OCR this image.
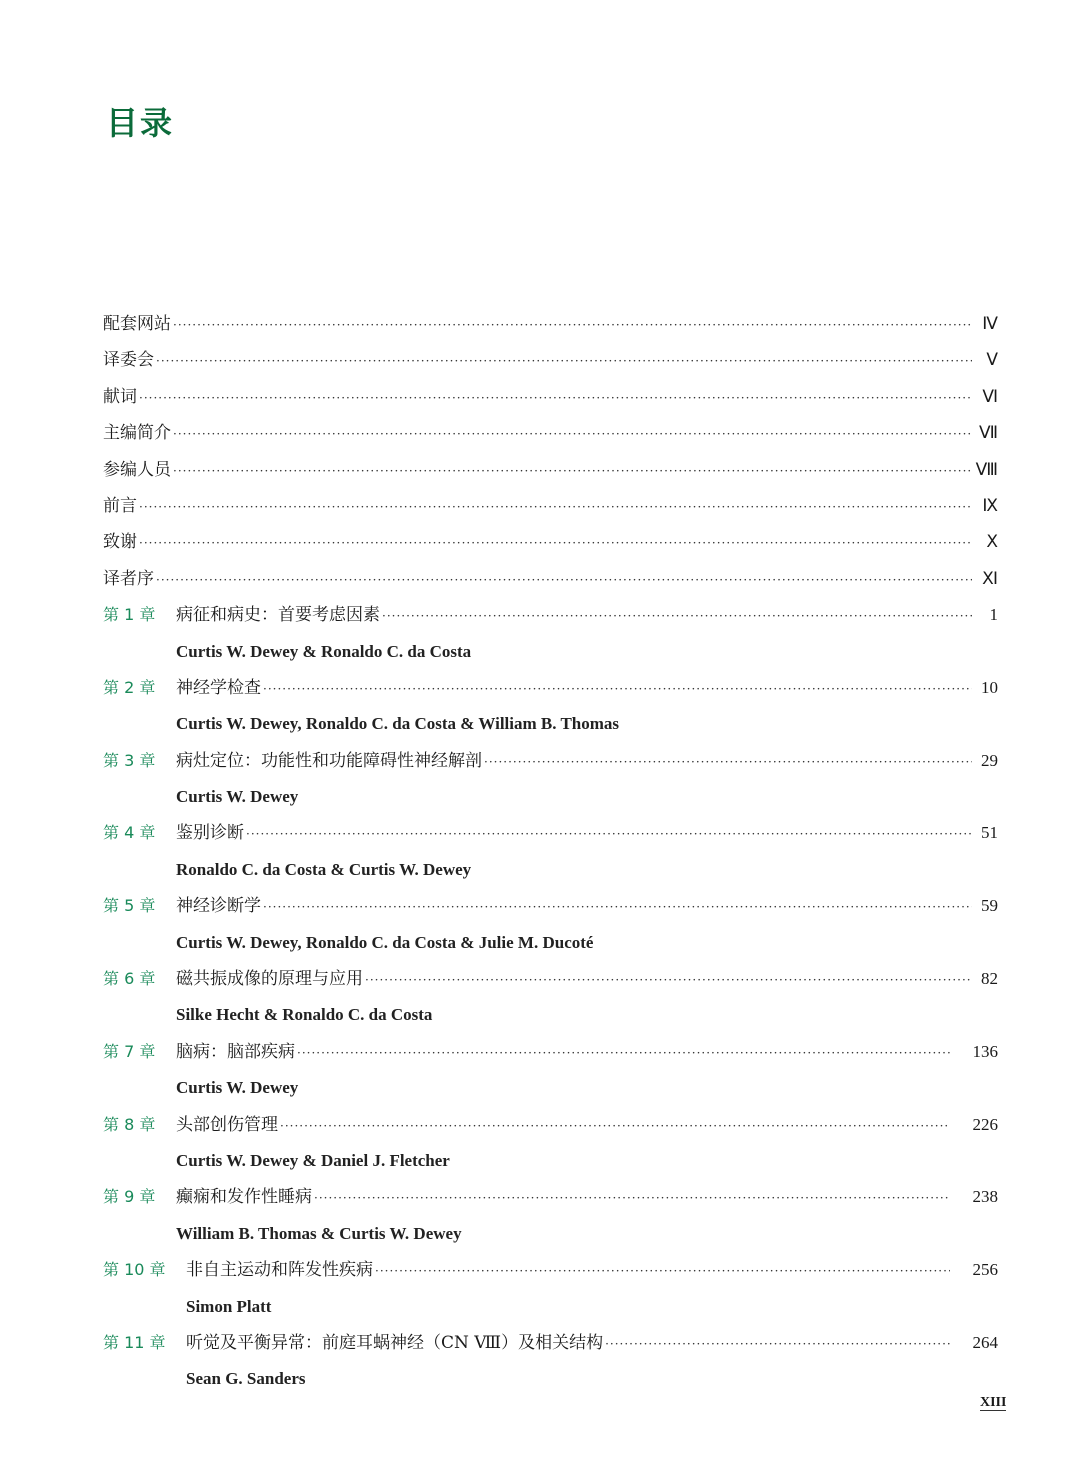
目录
配套网站 ·····	Ⅳ
译委会 ·····	Ⅴ
献词 ·····	Ⅵ
主编简介 ·····	Ⅶ
参编人员 ·····	Ⅷ
前言 ·····	Ⅸ
致谢 ·····	Ⅹ
译者序 ·····	Ⅺ
第 1 章	病征和病史：首要考虑因素 ·····	1
Curtis W. Dewey & Ronaldo C. da Costa
第 2 章	神经学检查 ·····	10
Curtis W. Dewey, Ronaldo C. da Costa & William B. Thomas
第 3 章	病灶定位：功能性和功能障碍性神经解剖 ·····	29
Curtis W. Dewey
第 4 章	鉴别诊断 ·····	51
Ronaldo C. da Costa & Curtis W. Dewey
第 5 章	神经诊断学 ·····	59
Curtis W. Dewey, Ronaldo C. da Costa & Julie M. Ducoté
第 6 章	磁共振成像的原理与应用 ·····	82
Silke Hecht & Ronaldo C. da Costa
第 7 章	脑病：脑部疾病 ·····	136
Curtis W. Dewey
第 8 章	头部创伤管理 ·····	226
Curtis W. Dewey & Daniel J. Fletcher
第 9 章	癫痫和发作性睡病 ·····	238
William B. Thomas & Curtis W. Dewey
第 10 章	非自主运动和阵发性疾病 ·····	256
Simon Platt
第 11 章	听觉及平衡异常：前庭耳蜗神经（CN Ⅷ）及相关结构 ·····	264
Sean G. Sanders
XIII
